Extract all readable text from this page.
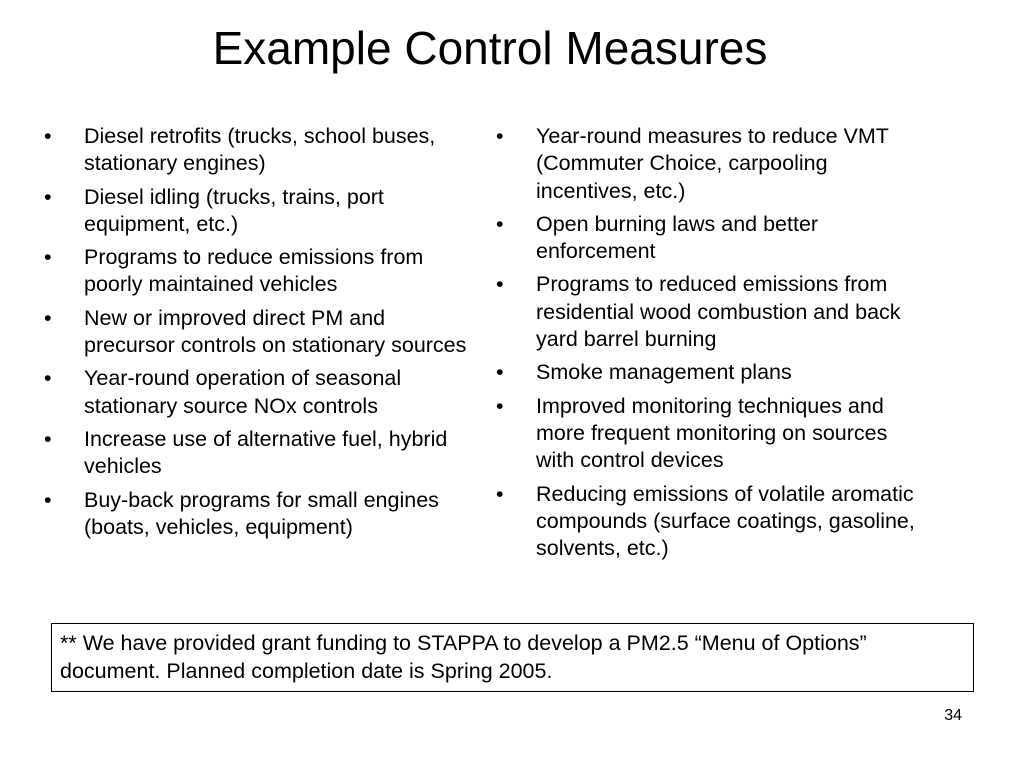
Example Control Measures
• Diesel retrofits (trucks, school buses, stationary engines)
• Diesel idling (trucks, trains, port equipment, etc.)
• Programs to reduce emissions from poorly maintained vehicles
• New or improved direct PM and precursor controls on stationary sources
• Year-round operation of seasonal stationary source NOx controls
• Increase use of alternative fuel, hybrid vehicles
• Buy-back programs for small engines (boats, vehicles, equipment)
• Year-round measures to reduce VMT (Commuter Choice, carpooling incentives, etc.)
• Open burning laws and better enforcement
• Programs to reduced emissions from residential wood combustion and back yard barrel burning
• Smoke management plans
• Improved monitoring techniques and more frequent monitoring on sources with control devices
• Reducing emissions of volatile aromatic compounds (surface coatings, gasoline, solvents, etc.)
** We have provided grant funding to STAPPA to develop a PM2.5 “Menu of Options” document. Planned completion date is Spring 2005.
34
